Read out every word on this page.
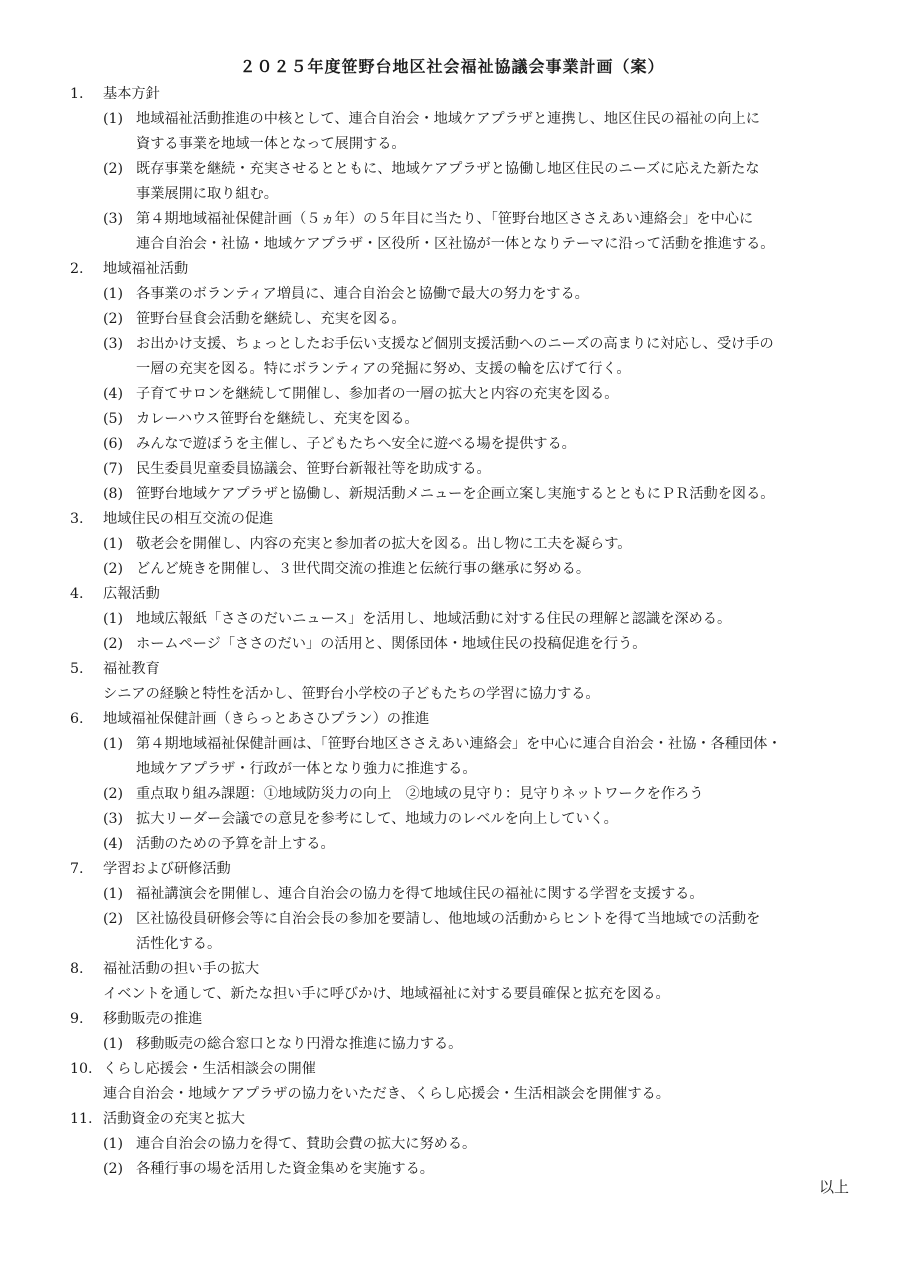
２０２５年度笹野台地区社会福祉協議会事業計画（案）
1. 基本方針
(1) 地域福祉活動推進の中核として、連合自治会・地域ケアプラザと連携し、地区住民の福祉の向上に
資する事業を地域一体となって展開する。
(2) 既存事業を継続・充実させるとともに、地域ケアプラザと協働し地区住民のニーズに応えた新たな
事業展開に取り組む。
(3) 第４期地域福祉保健計画（５ヵ年）の５年目に当たり、「笹野台地区ささえあい連絡会」を中心に
連合自治会・社協・地域ケアプラザ・区役所・区社協が一体となりテーマに沿って活動を推進する。
2. 地域福祉活動
(1) 各事業のボランティア増員に、連合自治会と協働で最大の努力をする。
(2) 笹野台昼食会活動を継続し、充実を図る。
(3) お出かけ支援、ちょっとしたお手伝い支援など個別支援活動へのニーズの高まりに対応し、受け手の
一層の充実を図る。特にボランティアの発掘に努め、支援の輪を広げて行く。
(4) 子育てサロンを継続して開催し、参加者の一層の拡大と内容の充実を図る。
(5) カレーハウス笹野台を継続し、充実を図る。
(6) みんなで遊ぼうを主催し、子どもたちへ安全に遊べる場を提供する。
(7) 民生委員児童委員協議会、笹野台新報社等を助成する。
(8) 笹野台地域ケアプラザと協働し、新規活動メニューを企画立案し実施するとともにＰＲ活動を図る。
3. 地域住民の相互交流の促進
(1) 敬老会を開催し、内容の充実と参加者の拡大を図る。出し物に工夫を凝らす。
(2) どんど焼きを開催し、３世代間交流の推進と伝統行事の継承に努める。
4. 広報活動
(1) 地域広報紙「ささのだいニュース」を活用し、地域活動に対する住民の理解と認識を深める。
(2) ホームページ「ささのだい」の活用と、関係団体・地域住民の投稿促進を行う。
5. 福祉教育
シニアの経験と特性を活かし、笹野台小学校の子どもたちの学習に協力する。
6. 地域福祉保健計画（きらっとあさひプラン）の推進
(1) 第４期地域福祉保健計画は、「笹野台地区ささえあい連絡会」を中心に連合自治会・社協・各種団体・
地域ケアプラザ・行政が一体となり強力に推進する。
(2) 重点取り組み課題：①地域防災力の向上　②地域の見守り：見守りネットワークを作ろう
(3) 拡大リーダー会議での意見を参考にして、地域力のレベルを向上していく。
(4) 活動のための予算を計上する。
7. 学習および研修活動
(1) 福祉講演会を開催し、連合自治会の協力を得て地域住民の福祉に関する学習を支援する。
(2) 区社協役員研修会等に自治会長の参加を要請し、他地域の活動からヒントを得て当地域での活動を
活性化する。
8. 福祉活動の担い手の拡大
イベントを通して、新たな担い手に呼びかけ、地域福祉に対する要員確保と拡充を図る。
9. 移動販売の推進
(1) 移動販売の総合窓口となり円滑な推進に協力する。
10. くらし応援会・生活相談会の開催
連合自治会・地域ケアプラザの協力をいただき、くらし応援会・生活相談会を開催する。
11. 活動資金の充実と拡大
(1) 連合自治会の協力を得て、賛助会費の拡大に努める。
(2) 各種行事の場を活用した資金集めを実施する。
以上
